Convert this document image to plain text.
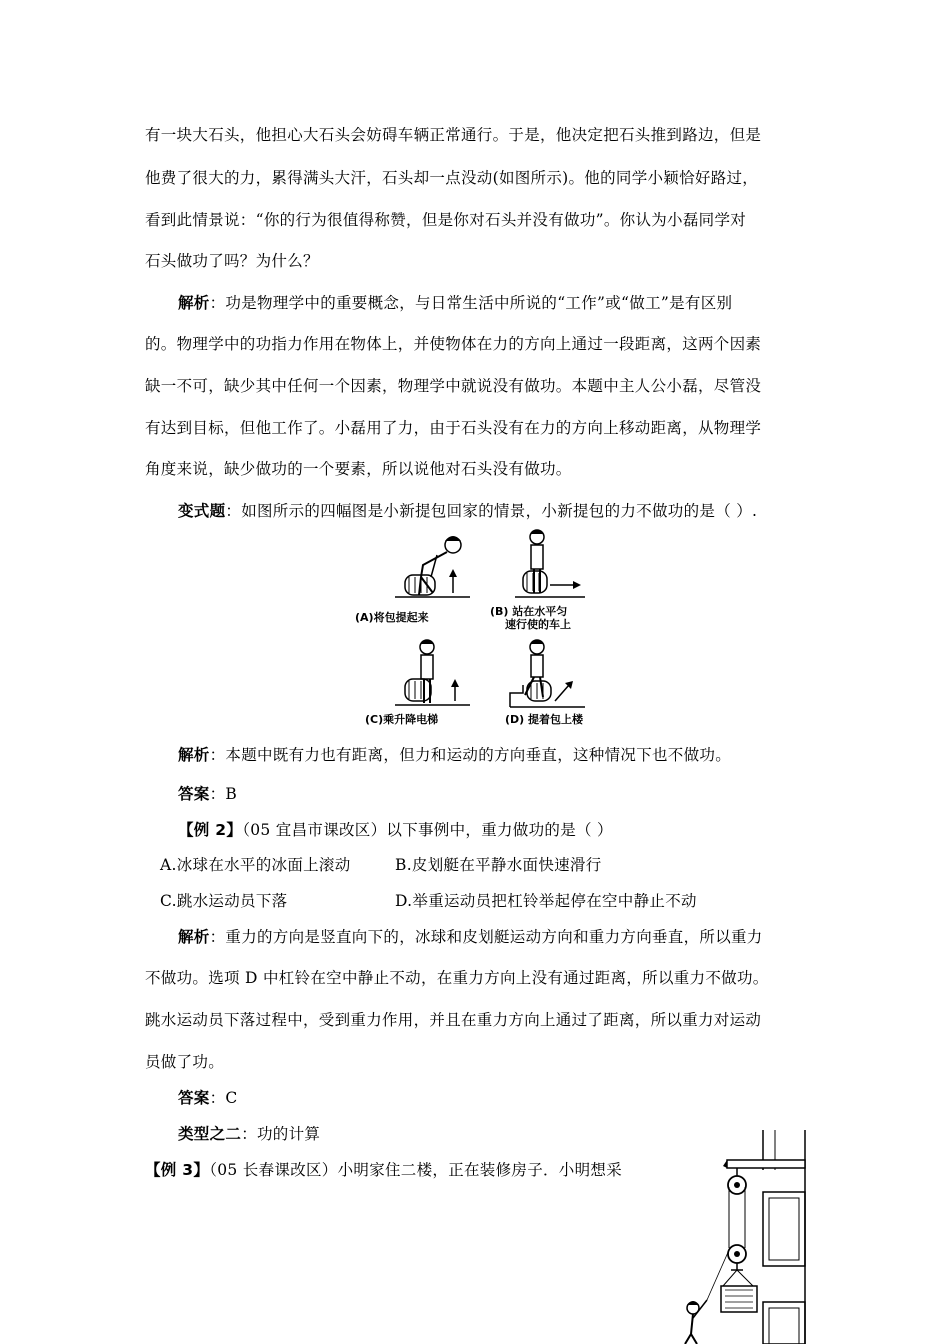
有一块大石头，他担心大石头会妨碍车辆正常通行。于是，他决定把石头推到路边，但是
他费了很大的力，累得满头大汗，石头却一点没动(如图所示)。他的同学小颖恰好路过，
看到此情景说：“你的行为很值得称赞，但是你对石头并没有做功”。你认为小磊同学对
石头做功了吗？为什么？
解析：功是物理学中的重要概念，与日常生活中所说的“工作”或“做工”是有区别
的。物理学中的功指力作用在物体上，并使物体在力的方向上通过一段距离，这两个因素
缺一不可，缺少其中任何一个因素，物理学中就说没有做功。本题中主人公小磊，尽管没
有达到目标，但他工作了。小磊用了力，由于石头没有在力的方向上移动距离，从物理学
角度来说，缺少做功的一个要素，所以说他对石头没有做功。
变式题：如图所示的四幅图是小新提包回家的情景，小新提包的力不做功的是（ ）.
(A)将包提起来	(B) 站在水平匀
速行使的车上
(C)乘升降电梯	(D) 提着包上楼
解析：本题中既有力也有距离，但力和运动的方向垂直，这种情况下也不做功。
答案：B
【例 2】（05 宜昌市课改区）以下事例中，重力做功的是（ ）
A.冰球在水平的冰面上滚动	B.皮划艇在平静水面快速滑行
C.跳水运动员下落	D.举重运动员把杠铃举起停在空中静止不动
解析：重力的方向是竖直向下的，冰球和皮划艇运动方向和重力方向垂直，所以重力
不做功。选项 D 中杠铃在空中静止不动，在重力方向上没有通过距离，所以重力不做功。
跳水运动员下落过程中，受到重力作用，并且在重力方向上通过了距离，所以重力对运动
员做了功。
答案：C
类型之二：功的计算
【例 3】（05 长春课改区）小明家住二楼，正在装修房子．小明想采
